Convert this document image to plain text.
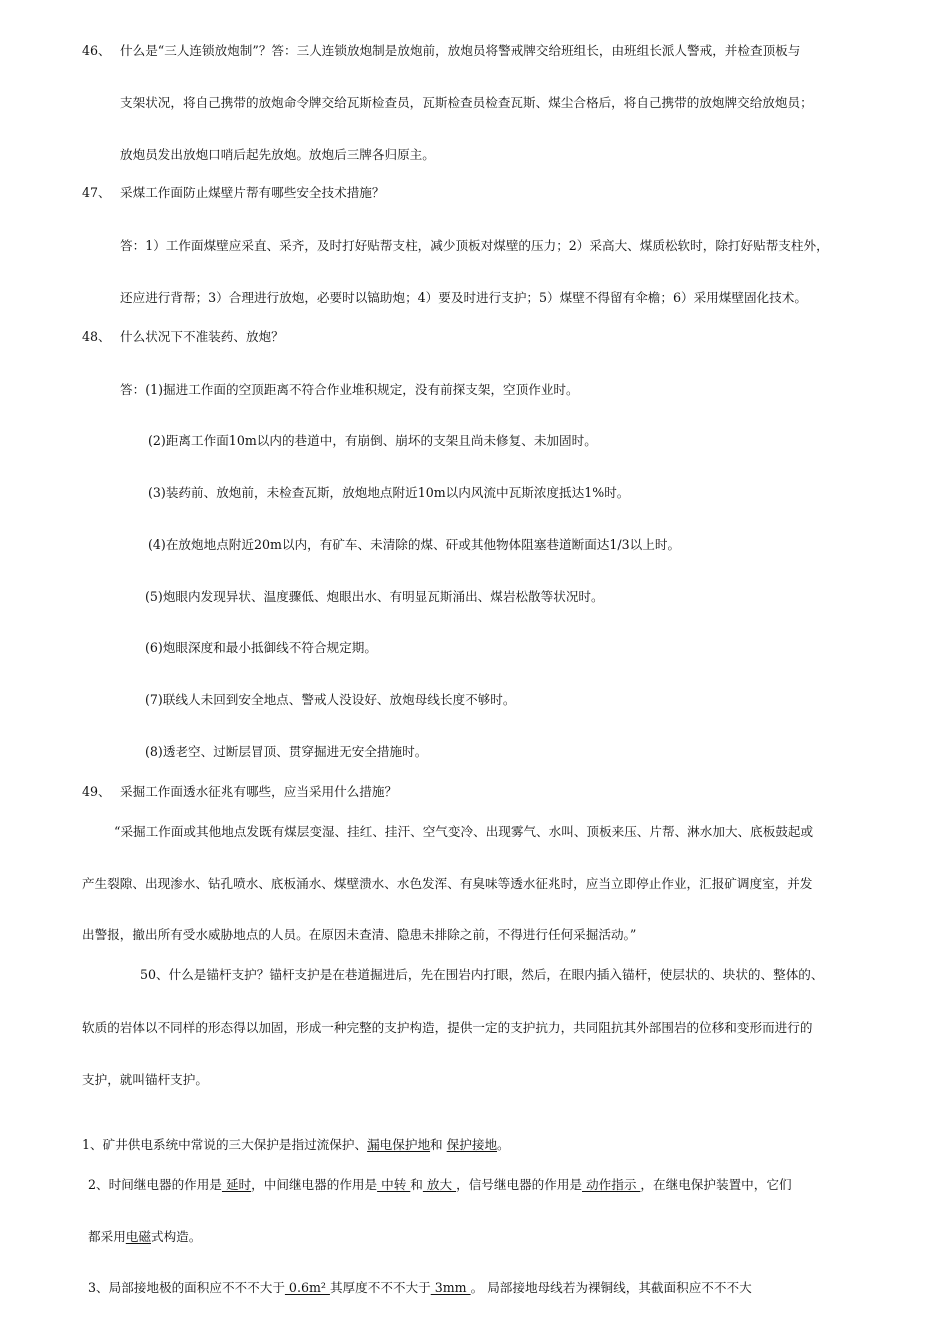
46、 什么是“三人连锁放炮制”？答：三人连锁放炮制是放炮前，放炮员将警戒牌交给班组长，由班组长派人警戒，并检查顶板与
支架状况，将自己携带的放炮命令牌交给瓦斯检查员，瓦斯检查员检查瓦斯、煤尘合格后，将自己携带的放炮牌交给放炮员；
放炮员发出放炮口哨后起先放炮。放炮后三牌各归原主。
47、 采煤工作面防止煤壁片帮有哪些安全技术措施？
答：1）工作面煤壁应采直、采齐，及时打好贴帮支柱，减少顶板对煤壁的压力；2）采高大、煤质松软时，除打好贴帮支柱外，
还应进行背帮；3）合理进行放炮，必要时以镐助炮；4）要及时进行支护；5）煤壁不得留有伞檐；6）采用煤壁固化技术。
48、 什么状况下不准装药、放炮？
答：(1)掘进工作面的空顶距离不符合作业堆积规定，没有前探支架，空顶作业时。
(2)距离工作面10m以内的巷道中，有崩倒、崩坏的支架且尚未修复、未加固时。
(3)装药前、放炮前，未检查瓦斯，放炮地点附近10m以内风流中瓦斯浓度抵达1%时。
(4)在放炮地点附近20m以内，有矿车、未清除的煤、矸或其他物体阻塞巷道断面达1/3以上时。
(5)炮眼内发现异状、温度骤低、炮眼出水、有明显瓦斯涌出、煤岩松散等状况时。
(6)炮眼深度和最小抵御线不符合规定期。
(7)联线人未回到安全地点、警戒人没设好、放炮母线长度不够时。
(8)透老空、过断层冒顶、贯穿掘进无安全措施时。
49、 采掘工作面透水征兆有哪些，应当采用什么措施？
“采掘工作面或其他地点发既有煤层变湿、挂红、挂汗、空气变冷、出现雾气、水叫、顶板来压、片帮、淋水加大、底板鼓起或
产生裂隙、出现渗水、钻孔喷水、底板涌水、煤壁溃水、水色发浑、有臭味等透水征兆时，应当立即停止作业，汇报矿调度室，并发
出警报，撤出所有受水威胁地点的人员。在原因未查清、隐患未排除之前，不得进行任何采掘活动。”
50、什么是锚杆支护？锚杆支护是在巷道掘进后，先在围岩内打眼，然后，在眼内插入锚杆，使层状的、块状的、整体的、
软质的岩体以不同样的形态得以加固，形成一种完整的支护构造，提供一定的支护抗力，共同阻抗其外部围岩的位移和变形而进行的
支护，就叫锚杆支护。
1、矿井供电系统中常说的三大保护是指过流保护、漏电保护地和 保护接地。
2、时间继电器的作用是 延时，中间继电器的作用是 中转 和 放大 ，信号继电器的作用是 动作指示 ，在继电保护装置中，它们
都采用电磁式构造。
3、局部接地极的面积应不不不大于 0.6m² 其厚度不不不大于 3mm 。 局部接地母线若为裸铜线，其截面积应不不不大
